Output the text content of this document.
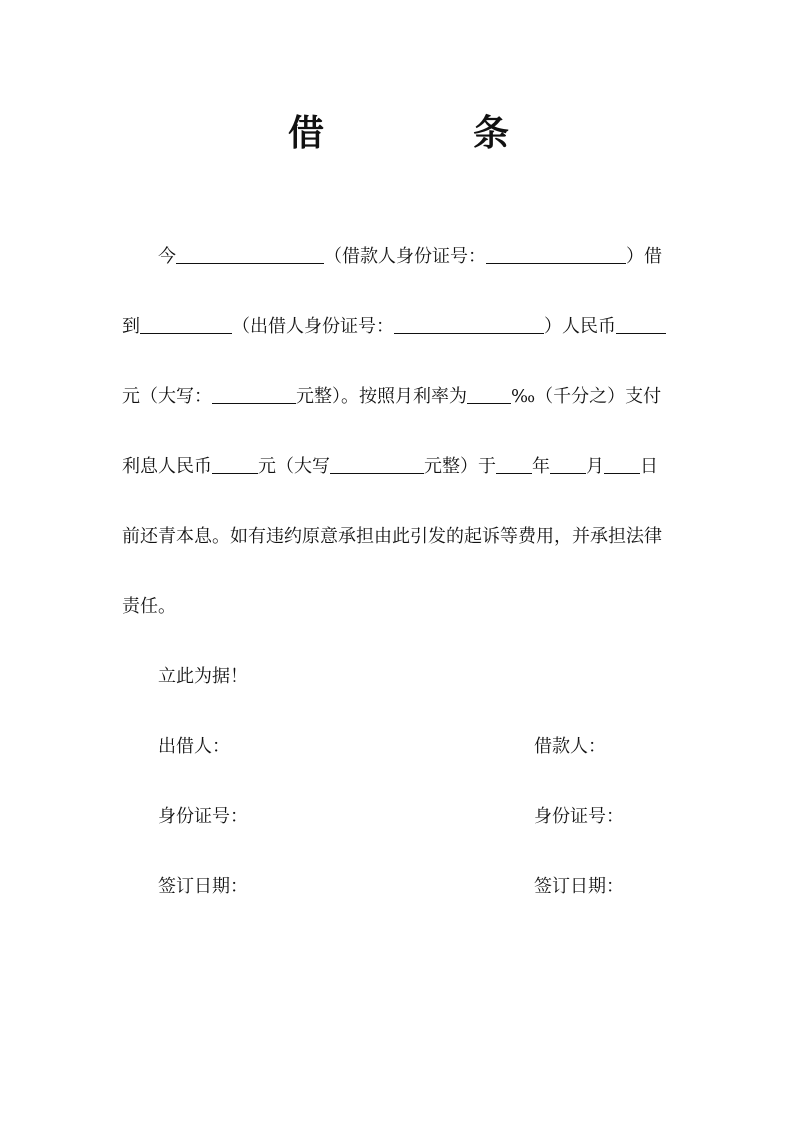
借	条
今	（借款人身份证号：	）借
到	（出借人身份证号：	）人民币
元（大写：	元整）。按照月利率为 ‰（千分之）支付
利息人民币	元（大写	元整）于 年 月 日
前还青本息。如有违约原意承担由此引发的起诉等费用，并承担法律
责任。
立此为据！
出借人：	借款人：
身份证号：	身份证号：
签订日期：	签订日期：
